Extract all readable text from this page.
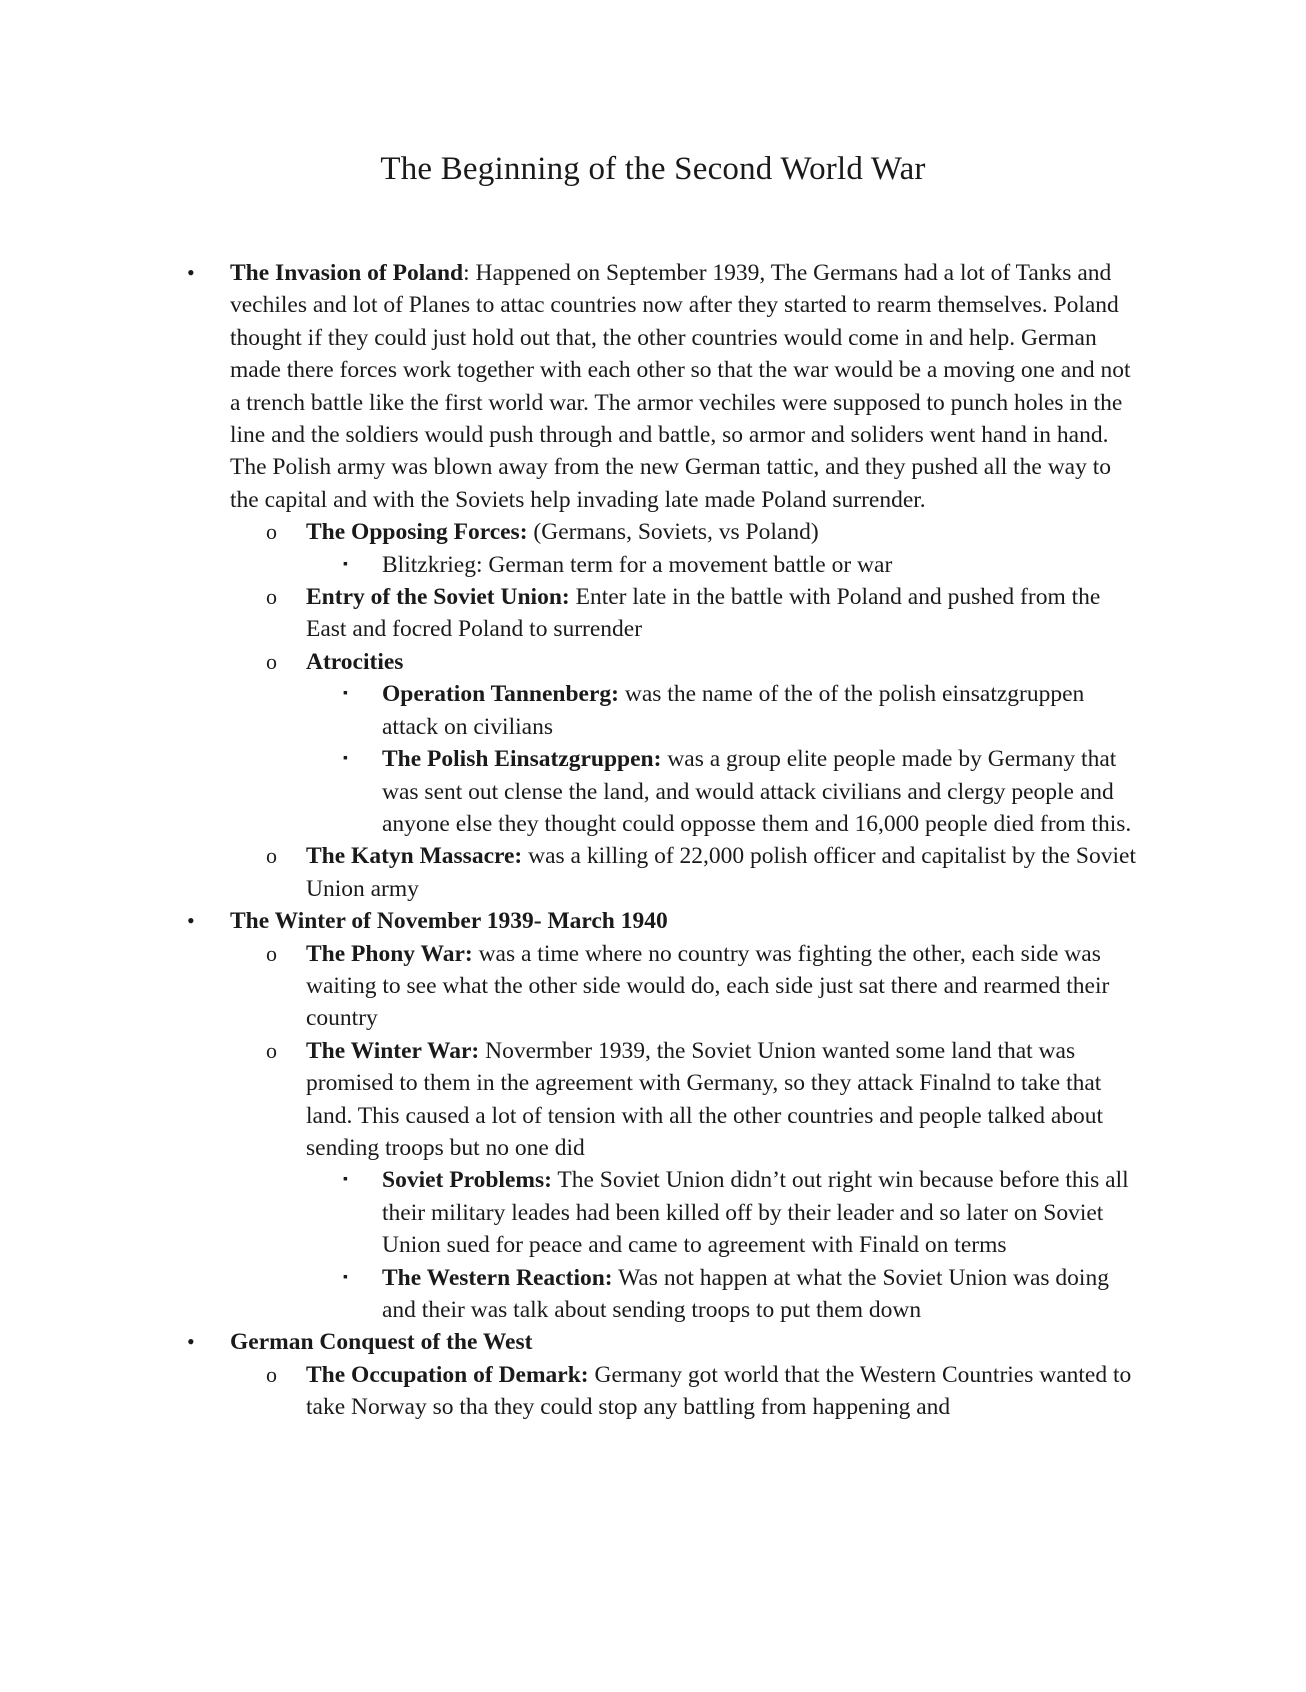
The Beginning of the Second World War
• The Invasion of Poland: Happened on September 1939, The Germans had a lot of Tanks and vechiles and lot of Planes to attac countries now after they started to rearm themselves. Poland thought if they could just hold out that, the other countries would come in and help. German made there forces work together with each other so that the war would be a moving one and not a trench battle like the first world war. The armor vechiles were supposed to punch holes in the line and the soldiers would push through and battle, so armor and soliders went hand in hand. The Polish army was blown away from the new German tattic, and they pushed all the way to the capital and with the Soviets help invading late made Poland surrender.
o The Opposing Forces: (Germans, Soviets, vs Poland)
▪ Blitzkrieg: German term for a movement battle or war
o Entry of the Soviet Union: Enter late in the battle with Poland and pushed from the East and focred Poland to surrender
o Atrocities
▪ Operation Tannenberg: was the name of the of the polish einsatzgruppen attack on civilians
▪ The Polish Einsatzgruppen: was a group elite people made by Germany that was sent out clense the land, and would attack civilians and clergy people and anyone else they thought could opposse them and 16,000 people died from this.
o The Katyn Massacre: was a killing of 22,000 polish officer and capitalist by the Soviet Union army
• The Winter of November 1939- March 1940
o The Phony War: was a time where no country was fighting the other, each side was waiting to see what the other side would do, each side just sat there and rearmed their country
o The Winter War: Novermber 1939, the Soviet Union wanted some land that was promised to them in the agreement with Germany, so they attack Finalnd to take that land. This caused a lot of tension with all the other countries and people talked about sending troops but no one did
▪ Soviet Problems: The Soviet Union didn’t out right win because before this all their military leades had been killed off by their leader and so later on Soviet Union sued for peace and came to agreement with Finald on terms
▪ The Western Reaction: Was not happen at what the Soviet Union was doing and their was talk about sending troops to put them down
• German Conquest of the West
o The Occupation of Demark: Germany got world that the Western Countries wanted to take Norway so tha they could stop any battling from happening and
